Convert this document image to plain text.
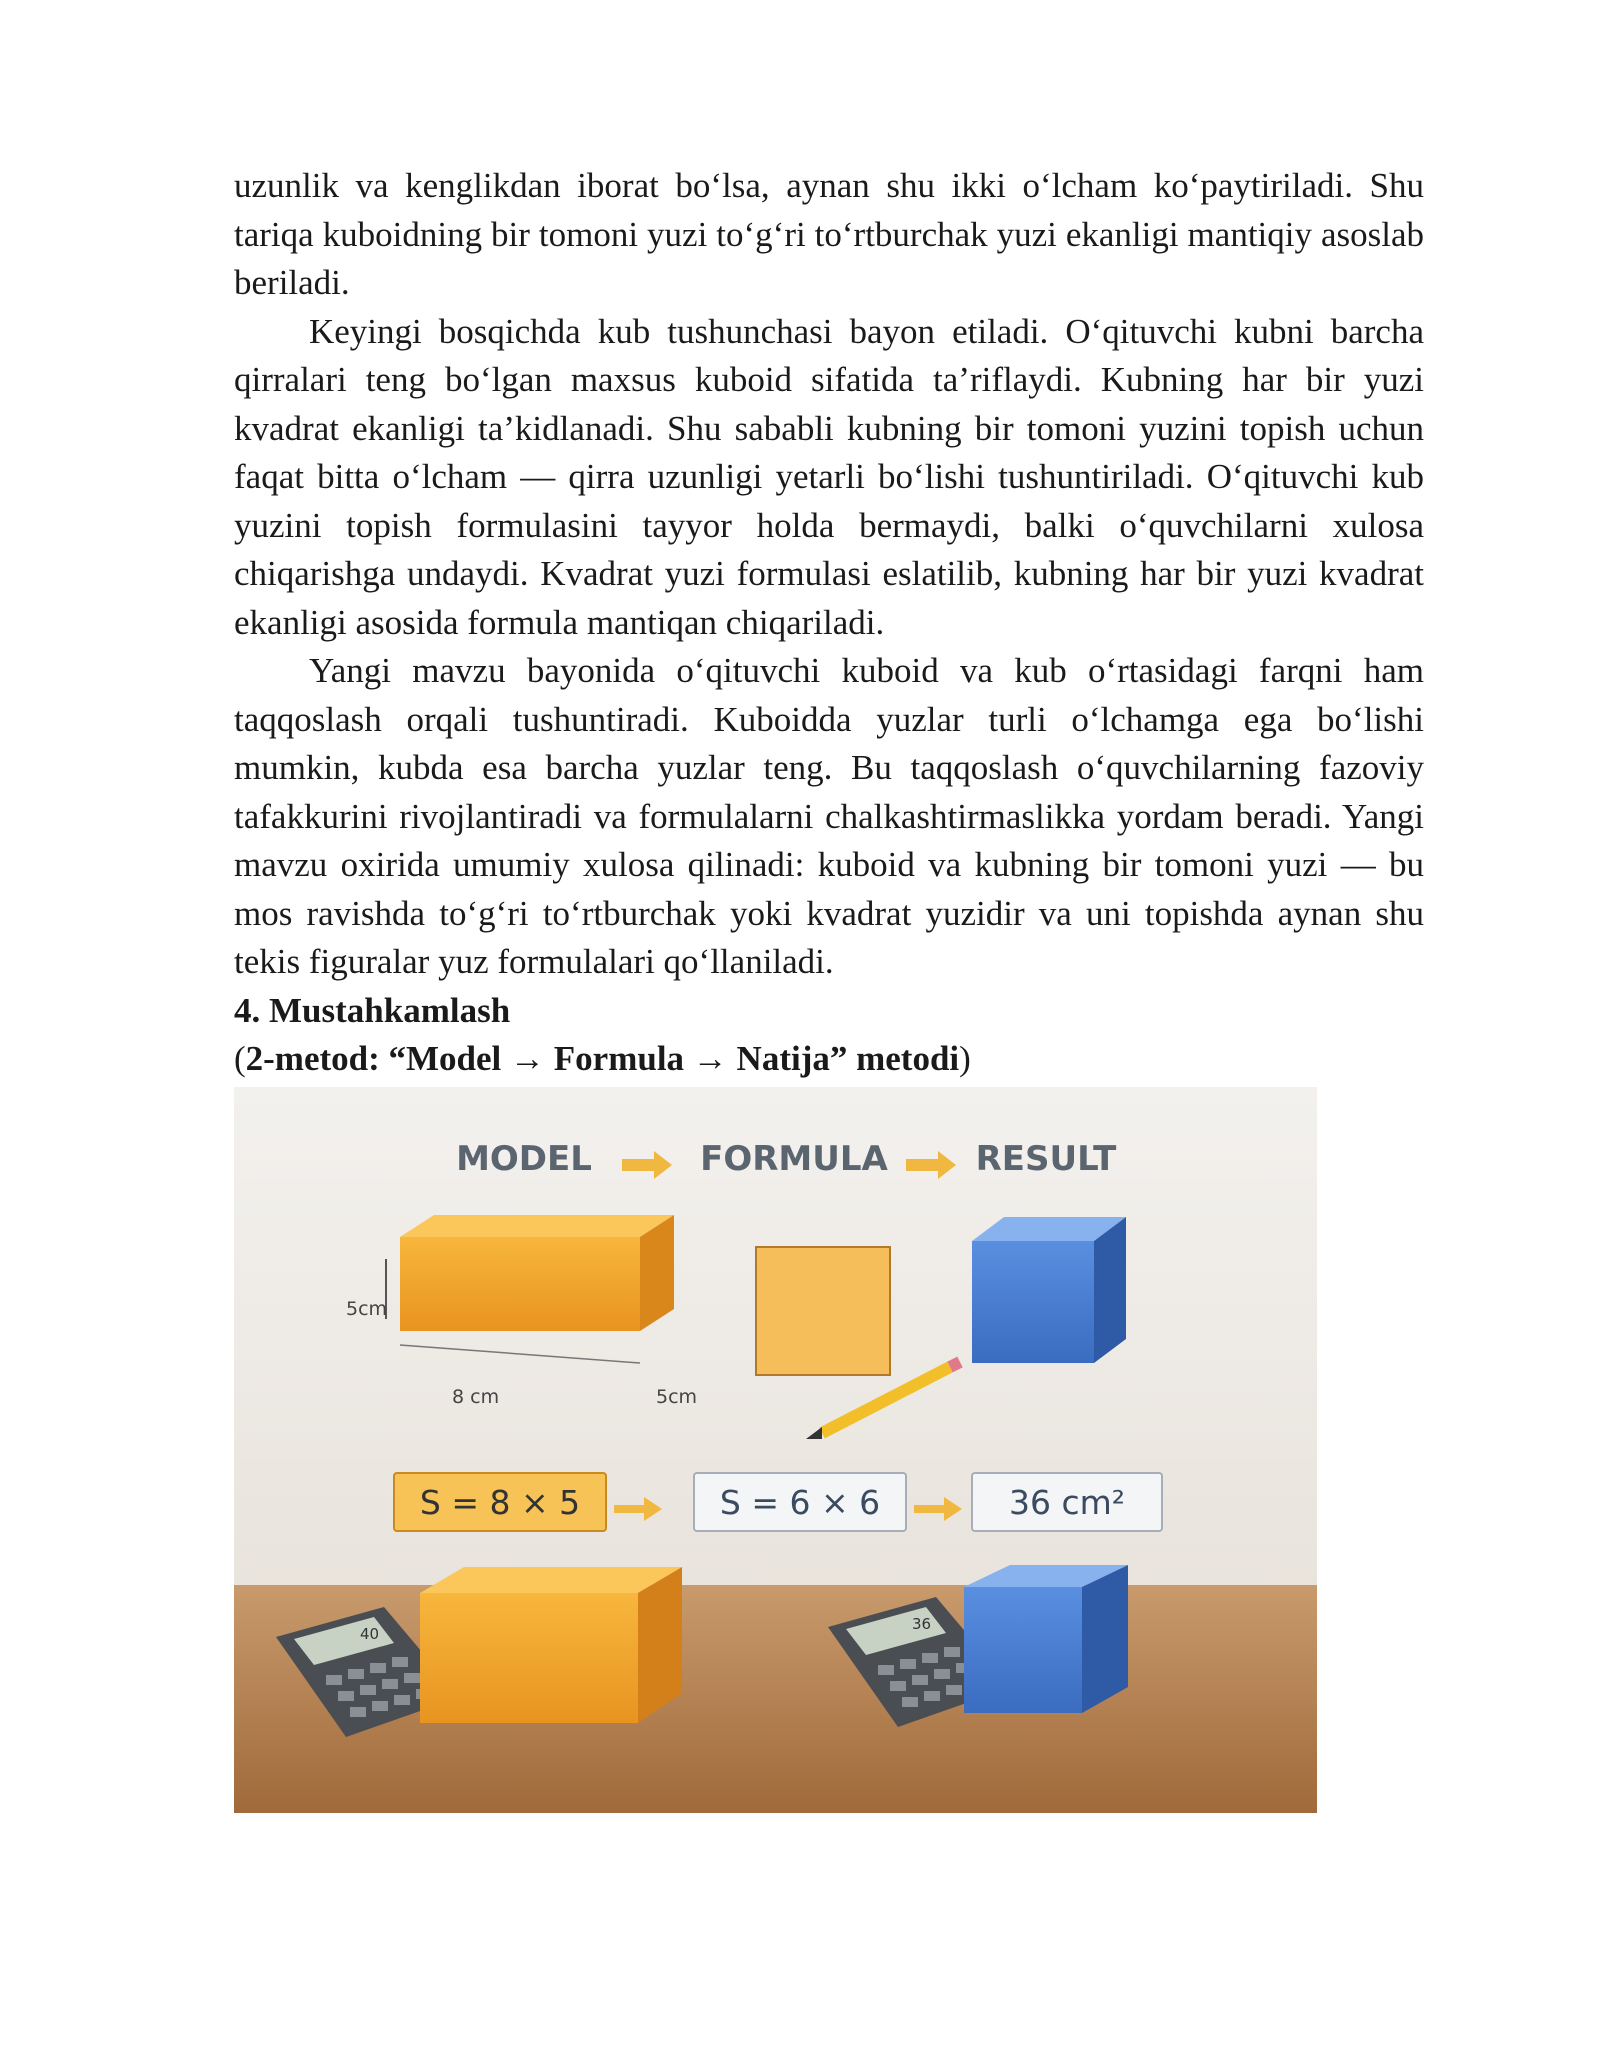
uzunlik va kenglikdan iborat bo‘lsa, aynan shu ikki o‘lcham ko‘paytiriladi. Shu tariqa kuboidning bir tomoni yuzi to‘g‘ri to‘rtburchak yuzi ekanligi mantiqiy asoslab beriladi.

Keyingi bosqichda kub tushunchasi bayon etiladi. O‘qituvchi kubni barcha qirralari teng bo‘lgan maxsus kuboid sifatida ta’riflaydi. Kubning har bir yuzi kvadrat ekanligi ta’kidlanadi. Shu sababli kubning bir tomoni yuzini topish uchun faqat bitta o‘lcham — qirra uzunligi yetarli bo‘lishi tushuntiriladi. O‘qituvchi kub yuzini topish formulasini tayyor holda bermaydi, balki o‘quvchilarni xulosa chiqarishga undaydi. Kvadrat yuzi formulasi eslatilib, kubning har bir yuzi kvadrat ekanligi asosida formula mantiqan chiqariladi.

Yangi mavzu bayonida o‘qituvchi kuboid va kub o‘rtasidagi farqni ham taqqoslash orqali tushuntiradi. Kuboidda yuzlar turli o‘lchamga ega bo‘lishi mumkin, kubda esa barcha yuzlar teng. Bu taqqoslash o‘quvchilarning fazoviy tafakkurini rivojlantiradi va formulalarni chalkashtirmaslikka yordam beradi. Yangi mavzu oxirida umumiy xulosa qilinadi: kuboid va kubning bir tomoni yuzi — bu mos ravishda to‘g‘ri to‘rtburchak yoki kvadrat yuzidir va uni topishda aynan shu tekis figuralar yuz formulalari qo‘llaniladi.

4. Mustahkamlash
(2-metod: “Model → Formula → Natija” metodi)
MODEL	FORMULA	RESULT
5cm
8 cm	5cm
S = 8 × 5	S = 6 × 6	36 cm²
40
36
